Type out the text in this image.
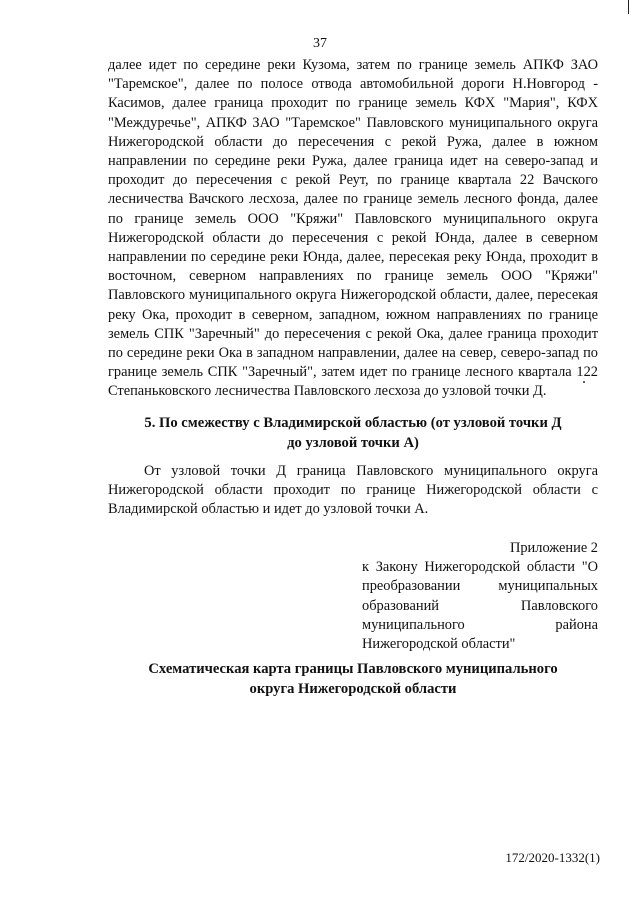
37
далее идет по середине реки Кузома, затем по границе земель АПКФ ЗАО "Таремское", далее по полосе отвода автомобильной дороги Н.Новгород - Касимов, далее граница проходит по границе земель КФХ "Мария", КФХ "Междуречье", АПКФ ЗАО "Таремское" Павловского муниципального округа Нижегородской области до пересечения с рекой Ружа, далее в южном направлении по середине реки Ружа, далее граница идет на северо-запад и проходит до пересечения с рекой Реут, по границе квартала 22 Вачского лесничества Вачского лесхоза, далее по границе земель лесного фонда, далее по границе земель ООО "Кряжи" Павловского муниципального округа Нижегородской области до пересечения с рекой Юнда, далее в северном направлении по середине реки Юнда, далее, пересекая реку Юнда, проходит в восточном, северном направлениях по границе земель ООО "Кряжи" Павловского муниципального округа Нижегородской области, далее, пересекая реку Ока, проходит в северном, западном, южном направлениях по границе земель СПК "Заречный" до пересечения с рекой Ока, далее граница проходит по середине реки Ока в западном направлении, далее на север, северо-запад по границе земель СПК "Заречный", затем идет по границе лесного квартала 122 Степаньковского лесничества Павловского лесхоза до узловой точки Д.
5. По смежеству с Владимирской областью (от узловой точки Д
до узловой точки А)
От узловой точки Д граница Павловского муниципального округа Нижегородской области проходит по границе Нижегородской области с Владимирской областью и идет до узловой точки А.
Приложение 2
к Закону Нижегородской области "О преобразовании муниципальных образований Павловского муниципального района Нижегородской области"
Схематическая карта границы Павловского муниципального
округа Нижегородской области
172/2020-1332(1)
